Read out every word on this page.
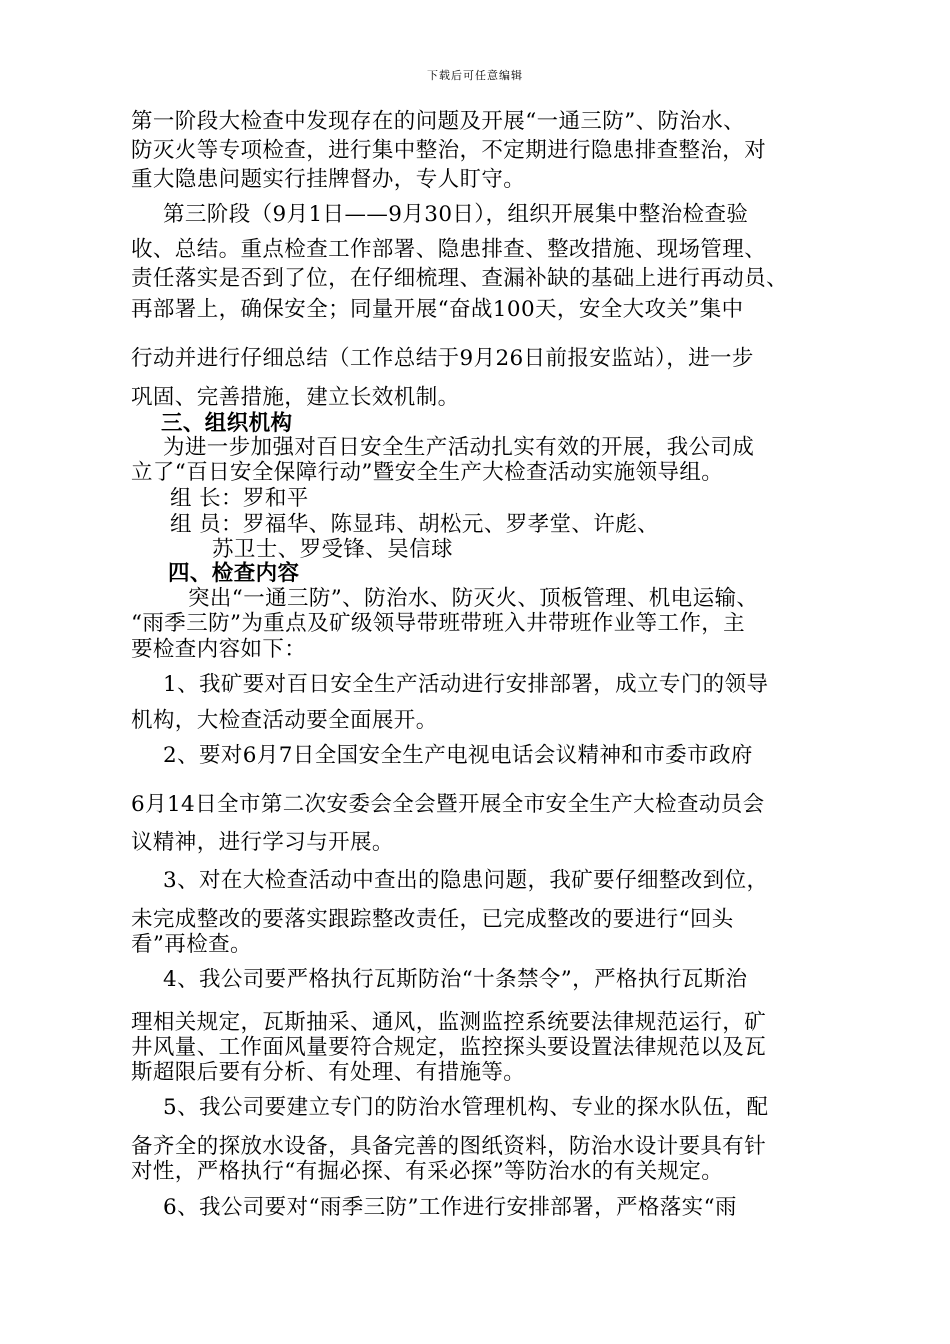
下载后可任意编辑
第一阶段大检查中发现存在的问题及开展“一通三防”、防治水、
防灭火等专项检查，进行集中整治，不定期进行隐患排查整治，对
重大隐患问题实行挂牌督办，专人盯守。
第三阶段（9月1日——9月30日），组织开展集中整治检查验
收、总结。重点检查工作部署、隐患排查、整改措施、现场管理、
责任落实是否到了位，在仔细梳理、查漏补缺的基础上进行再动员、
再部署上，确保安全；同量开展“奋战100天，安全大攻关”集中
行动并进行仔细总结（工作总结于9月26日前报安监站），进一步
巩固、完善措施，建立长效机制。
三、组织机构
为进一步加强对百日安全生产活动扎实有效的开展，我公司成
立了“百日安全保障行动”暨安全生产大检查活动实施领导组。
组 长：罗和平
组 员：罗福华、陈显玮、胡松元、罗孝堂、许彪、
苏卫士、罗受锋、吴信球
四、检查内容
突出“一通三防”、防治水、防灭火、顶板管理、机电运输、
“雨季三防”为重点及矿级领导带班带班入井带班作业等工作，主
要检查内容如下：
1、我矿要对百日安全生产活动进行安排部署，成立专门的领导
机构，大检查活动要全面展开。
2、要对6月7日全国安全生产电视电话会议精神和市委市政府
6月14日全市第二次安委会全会暨开展全市安全生产大检查动员会
议精神，进行学习与开展。
3、对在大检查活动中查出的隐患问题，我矿要仔细整改到位，
未完成整改的要落实跟踪整改责任，已完成整改的要进行“回头
看”再检查。
4、我公司要严格执行瓦斯防治“十条禁令”，严格执行瓦斯治
理相关规定，瓦斯抽采、通风，监测监控系统要法律规范运行，矿
井风量、工作面风量要符合规定，监控探头要设置法律规范以及瓦
斯超限后要有分析、有处理、有措施等。
5、我公司要建立专门的防治水管理机构、专业的探水队伍，配
备齐全的探放水设备，具备完善的图纸资料，防治水设计要具有针
对性，严格执行“有掘必探、有采必探”等防治水的有关规定。
6、我公司要对“雨季三防”工作进行安排部署，严格落实“雨
